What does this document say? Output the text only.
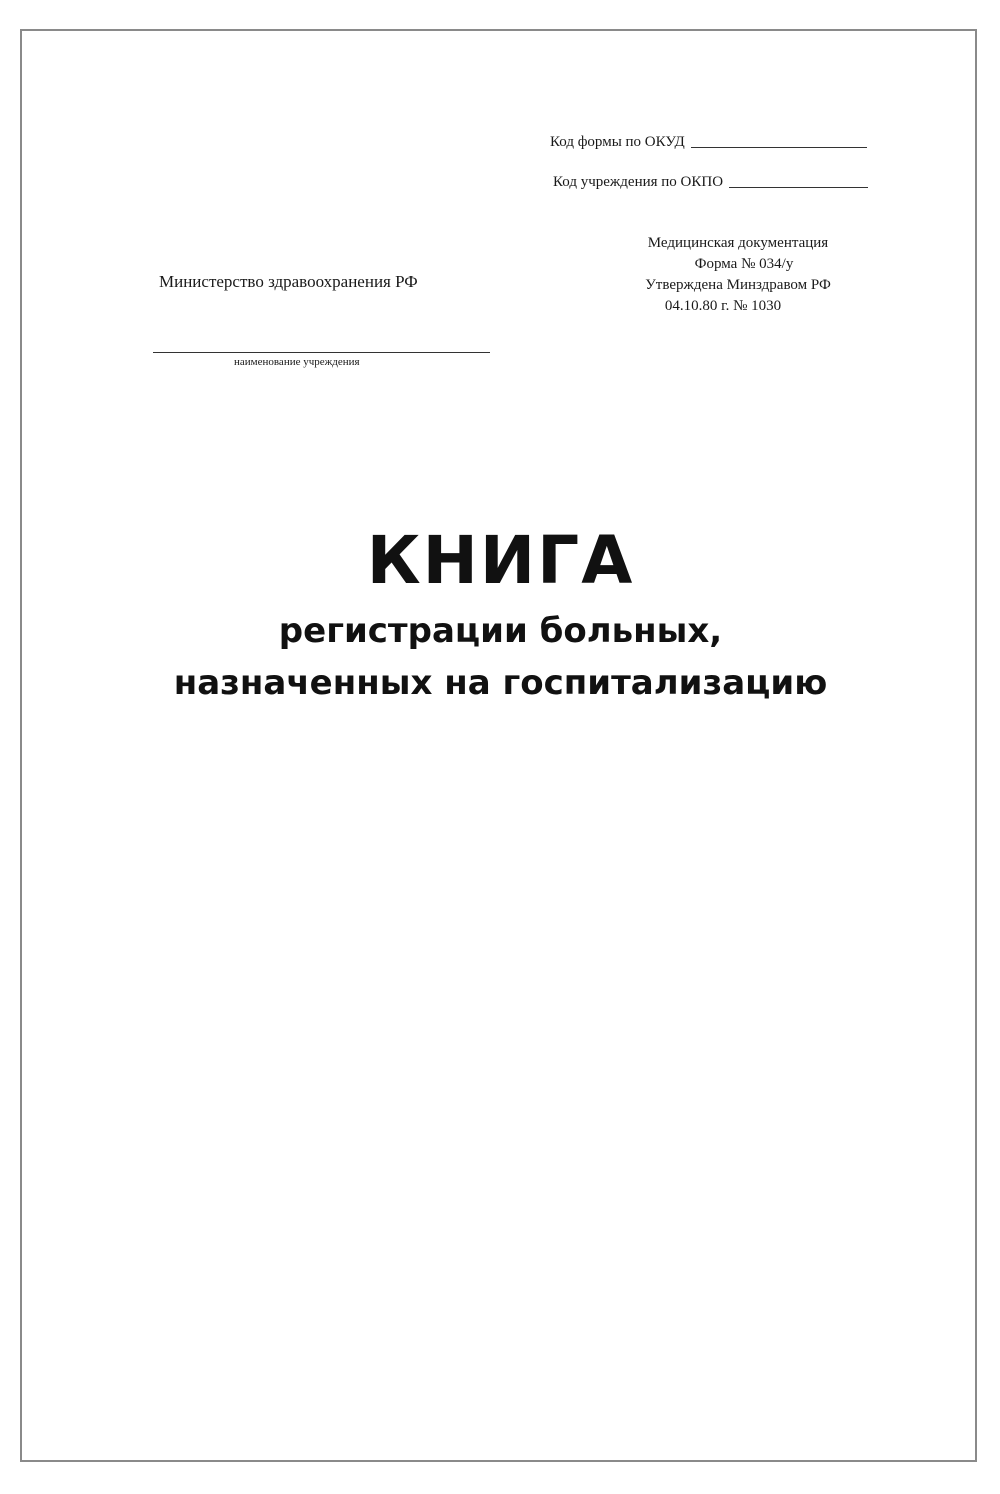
Код формы по ОКУД
Код учреждения по ОКПО
Медицинская документация
Форма № 034/у
Утверждена Минздравом РФ
04.10.80 г. № 1030
Министерство здравоохранения РФ
наименование учреждения
КНИГА
регистрации больных,
назначенных на госпитализацию
